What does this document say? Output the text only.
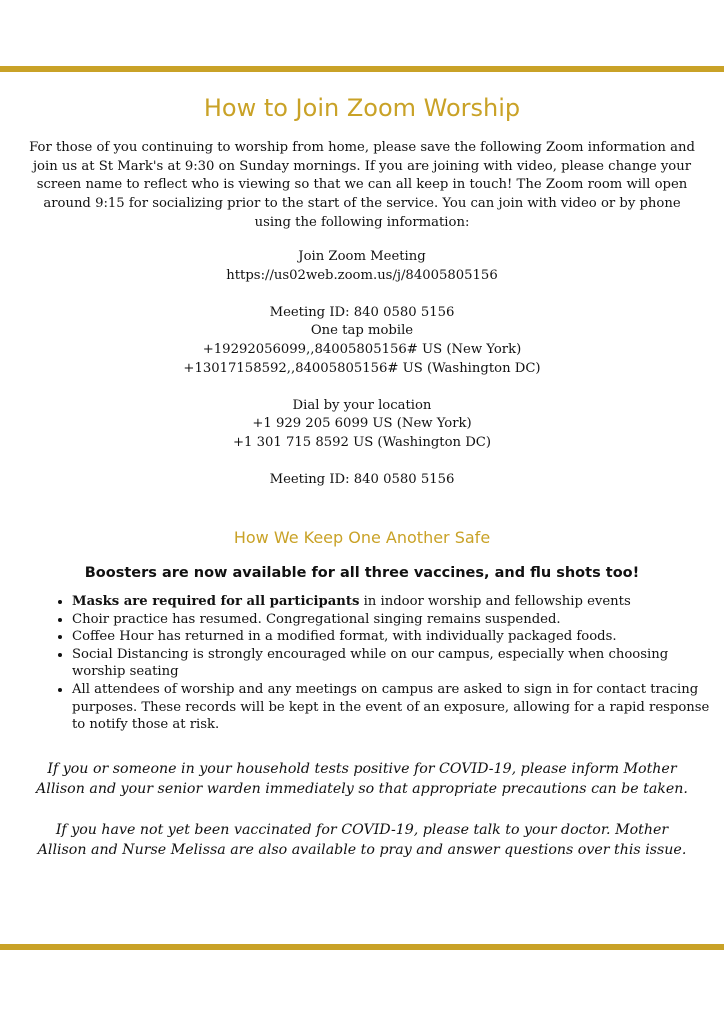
How to Join Zoom Worship

For those of you continuing to worship from home, please save the following Zoom information and join us at St Mark's at 9:30 on Sunday mornings. If you are joining with video, please change your screen name to reflect who is viewing so that we can all keep in touch! The Zoom room will open around 9:15 for socializing prior to the start of the service. You can join with video or by phone using the following information:

Join Zoom Meeting
https://us02web.zoom.us/j/84005805156
Meeting ID: 840 0580 5156
One tap mobile
+19292056099,,84005805156# US (New York)
+13017158592,,84005805156# US (Washington DC)
Dial by your location
+1 929 205 6099 US (New York)
+1 301 715 8592 US (Washington DC)
Meeting ID: 840 0580 5156
How We Keep One Another Safe

Boosters are now available for all three vaccines, and flu shots too!

• Masks are required for all participants in indoor worship and fellowship events
• Choir practice has resumed. Congregational singing remains suspended.
• Coffee Hour has returned in a modified format, with individually packaged foods.
• Social Distancing is strongly encouraged while on our campus, especially when choosing worship seating
• All attendees of worship and any meetings on campus are asked to sign in for contact tracing purposes. These records will be kept in the event of an exposure, allowing for a rapid response to notify those at risk.

If you or someone in your household tests positive for COVID-19, please inform Mother Allison and your senior warden immediately so that appropriate precautions can be taken.

If you have not yet been vaccinated for COVID-19, please talk to your doctor. Mother Allison and Nurse Melissa are also available to pray and answer questions over this issue.
